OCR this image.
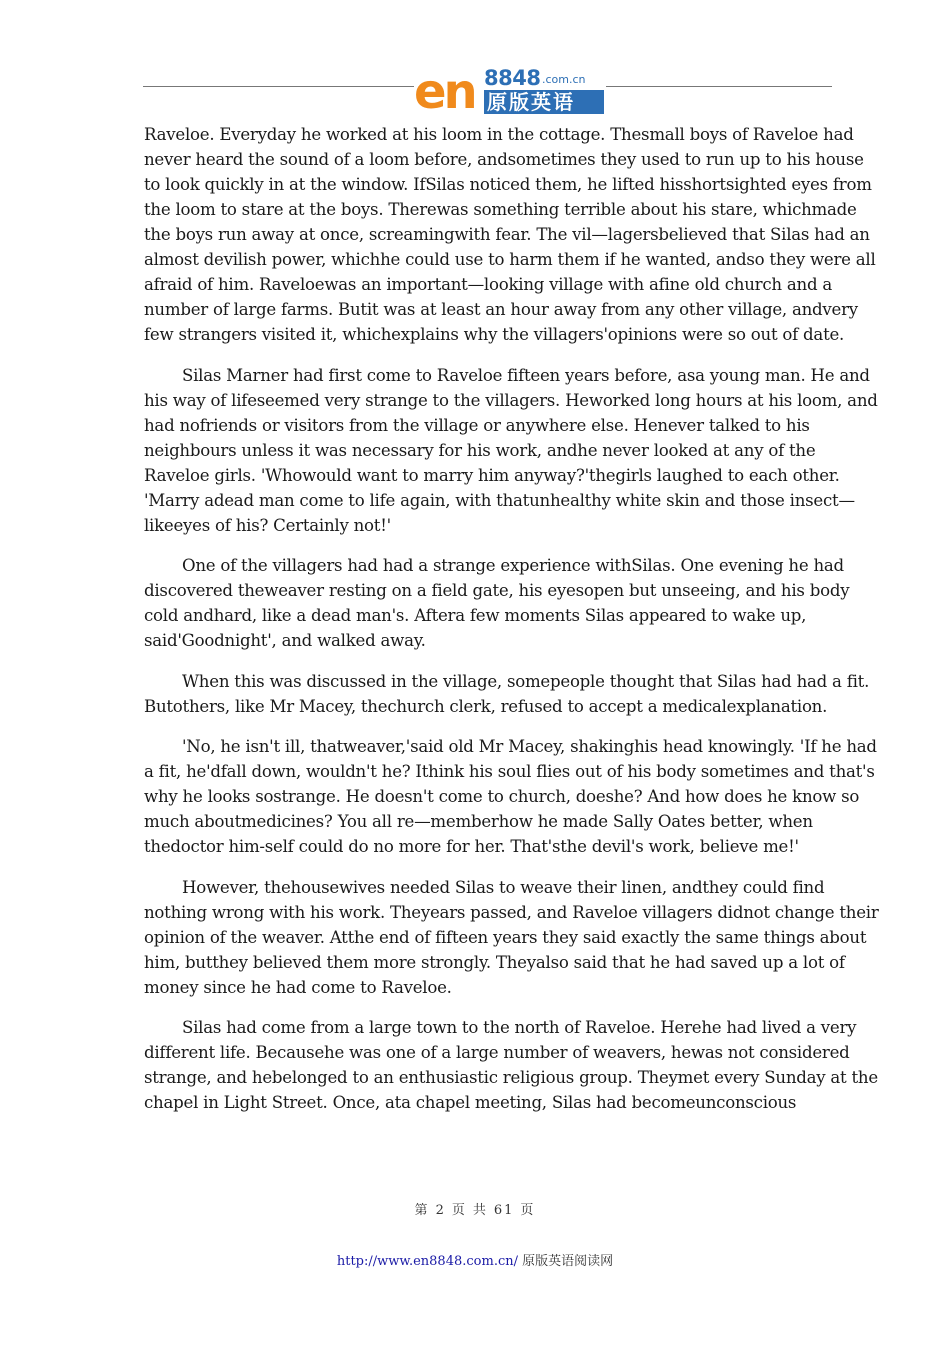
en 8848 .com.cn
原版英语

Raveloe. Everyday he worked at his loom in the cottage. Thesmall boys of Raveloe had never heard the sound of a loom before, andsometimes they used to run up to his house to look quickly in at the window. IfSilas noticed them, he lifted hisshortsighted eyes from the loom to stare at the boys. Therewas something terrible about his stare, whichmade the boys run away at once, screamingwith fear. The vil—lagersbelieved that Silas had an almost devilish power, whichhe could use to harm them if he wanted, andso they were all afraid of him. Raveloewas an important—looking village with afine old church and a number of large farms. Butit was at least an hour away from any other village, andvery few strangers visited it, whichexplains why the villagers'opinions were so out of date.

Silas Marner had first come to Raveloe fifteen years before, asa young man. He and his way of lifeseemed very strange to the villagers. Heworked long hours at his loom, and had nofriends or visitors from the village or anywhere else. Henever talked to his neighbours unless it was necessary for his work, andhe never looked at any of the Raveloe girls. 'Whowould want to marry him anyway?'thegirls laughed to each other. 'Marry adead man come to life again, with thatunhealthy white skin and those insect—likeeyes of his? Certainly not!'

One of the villagers had had a strange experience withSilas. One evening he had discovered theweaver resting on a field gate, his eyesopen but unseeing, and his body cold andhard, like a dead man's. Aftera few moments Silas appeared to wake up, said'Goodnight', and walked away.

When this was discussed in the village, somepeople thought that Silas had had a fit. Butothers, like Mr Macey, thechurch clerk, refused to accept a medicalexplanation.

'No, he isn't ill, thatweaver,'said old Mr Macey, shakinghis head knowingly. 'If he had a fit, he'dfall down, wouldn't he? Ithink his soul flies out of his body sometimes and that's why he looks sostrange. He doesn't come to church, doeshe? And how does he know so much aboutmedicines? You all re—memberhow he made Sally Oates better, when thedoctor him-self could do no more for her. That'sthe devil's work, believe me!'

However, thehousewives needed Silas to weave their linen, andthey could find nothing wrong with his work. Theyears passed, and Raveloe villagers didnot change their opinion of the weaver. Atthe end of fifteen years they said exactly the same things about him, butthey believed them more strongly. Theyalso said that he had saved up a lot of money since he had come to Raveloe.

Silas had come from a large town to the north of Raveloe. Herehe had lived a very different life. Becausehe was one of a large number of weavers, hewas not considered strange, and hebelonged to an enthusiastic religious group. Theymet every Sunday at the chapel in Light Street. Once, ata chapel meeting, Silas had becomeunconscious

第 2 页 共 61 页
http://www.en8848.com.cn/ 原版英语阅读网
